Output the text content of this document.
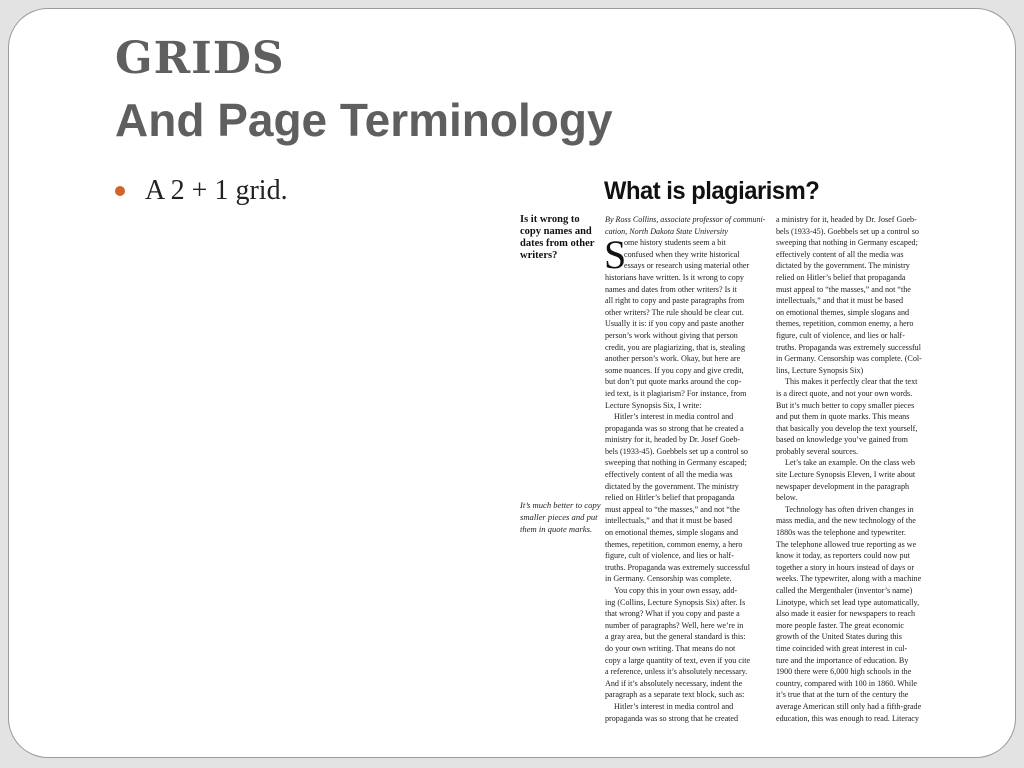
GRIDS
And Page Terminology
A 2 + 1 grid.	What is plagiarism?
Is it wrong to copy names and dates from other writers?
It’s much better to copy smaller pieces and put them in quote marks.
S
By Ross Collins, associate professor of communi-
cation, North Dakota State University
ome history students seem a bit
confused when they write historical
essays or research using material other
historians have written. Is it wrong to copy
names and dates from other writers? Is it
all right to copy and paste paragraphs from
other writers? The rule should be clear cut.
Usually it is: if you copy and paste another
person’s work without giving that person
credit, you are plagiarizing, that is, stealing
another person’s work. Okay, but here are
some nuances. If you copy and give credit,
but don’t put quote marks around the cop-
ied text, is it plagiarism? For instance, from
Lecture Synopsis Six, I write:
Hitler’s interest in media control and
propaganda was so strong that he created a
ministry for it, headed by Dr. Josef Goeb-
bels (1933-45). Goebbels set up a control so
sweeping that nothing in Germany escaped;
effectively content of all the media was
dictated by the government. The ministry
relied on Hitler’s belief that propaganda
must appeal to “the masses,” and not “the
intellectuals,” and that it must be based
on emotional themes, simple slogans and
themes, repetition, common enemy, a hero
figure, cult of violence, and lies or half-
truths. Propaganda was extremely successful
in Germany. Censorship was complete.
You copy this in your own essay, add-
ing (Collins, Lecture Synopsis Six) after. Is
that wrong? What if you copy and paste a
number of paragraphs? Well, here we’re in
a gray area, but the general standard is this:
do your own writing. That means do not
copy a large quantity of text, even if you cite
a reference, unless it’s absolutely necessary.
And if it’s absolutely necessary, indent the
paragraph as a separate text block, such as:
Hitler’s interest in media control and
propaganda was so strong that he created
a ministry for it, headed by Dr. Josef Goeb-
bels (1933-45). Goebbels set up a control so
sweeping that nothing in Germany escaped;
effectively content of all the media was
dictated by the government. The ministry
relied on Hitler’s belief that propaganda
must appeal to “the masses,” and not “the
intellectuals,” and that it must be based
on emotional themes, simple slogans and
themes, repetition, common enemy, a hero
figure, cult of violence, and lies or half-
truths. Propaganda was extremely successful
in Germany. Censorship was complete. (Col-
lins, Lecture Synopsis Six)
This makes it perfectly clear that the text
is a direct quote, and not your own words.
But it’s much better to copy smaller pieces
and put them in quote marks. This means
that basically you develop the text yourself,
based on knowledge you’ve gained from
probably several sources.
Let’s take an example. On the class web
site Lecture Synopsis Eleven, I write about
newspaper development in the paragraph
below.
Technology has often driven changes in
mass media, and the new technology of the
1880s was the telephone and typewriter.
The telephone allowed true reporting as we
know it today, as reporters could now put
together a story in hours instead of days or
weeks. The typewriter, along with a machine
called the Mergenthaler (inventor’s name)
Linotype, which set lead type automatically,
also made it easier for newspapers to reach
more people faster. The great economic
growth of the United States during this
time coincided with great interest in cul-
ture and the importance of education. By
1900 there were 6,000 high schools in the
country, compared with 100 in 1860. While
it’s true that at the turn of the century the
average American still only had a fifth-grade
education, this was enough to read. Literacy
